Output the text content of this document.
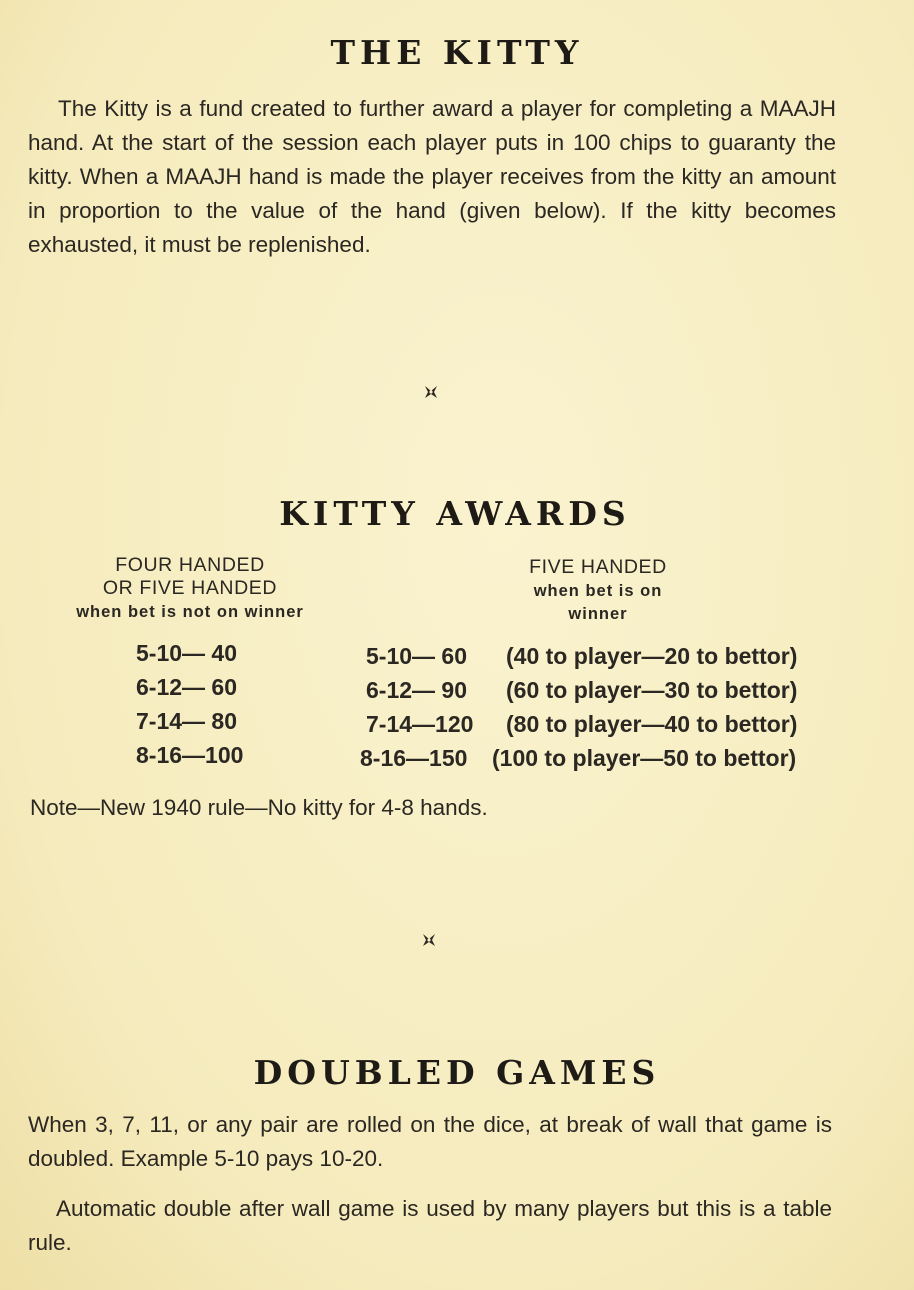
THE KITTY

The Kitty is a fund created to further award a player for completing a MAAJH hand. At the start of the session each player puts in 100 chips to guaranty the kitty. When a MAAJH hand is made the player receives from the kitty an amount in proportion to the value of the hand (given below). If the kitty becomes exhausted, it must be replenished.

KITTY AWARDS
FOUR HANDED
OR FIVE HANDED
when bet is not on winner
FIVE HANDED
when bet is on
winner
5-10— 40
6-12— 60
7-14— 80
8-16—100
5-10— 60 (40 to player—20 to bettor)
6-12— 90 (60 to player—30 to bettor)
7-14—120 (80 to player—40 to bettor)
8-16—150 (100 to player—50 to bettor)

Note—New 1940 rule—No kitty for 4-8 hands.

DOUBLED GAMES

When 3, 7, 11, or any pair are rolled on the dice, at break of wall that game is doubled. Example 5-10 pays 10-20.

Automatic double after wall game is used by many players but this is a table rule.
